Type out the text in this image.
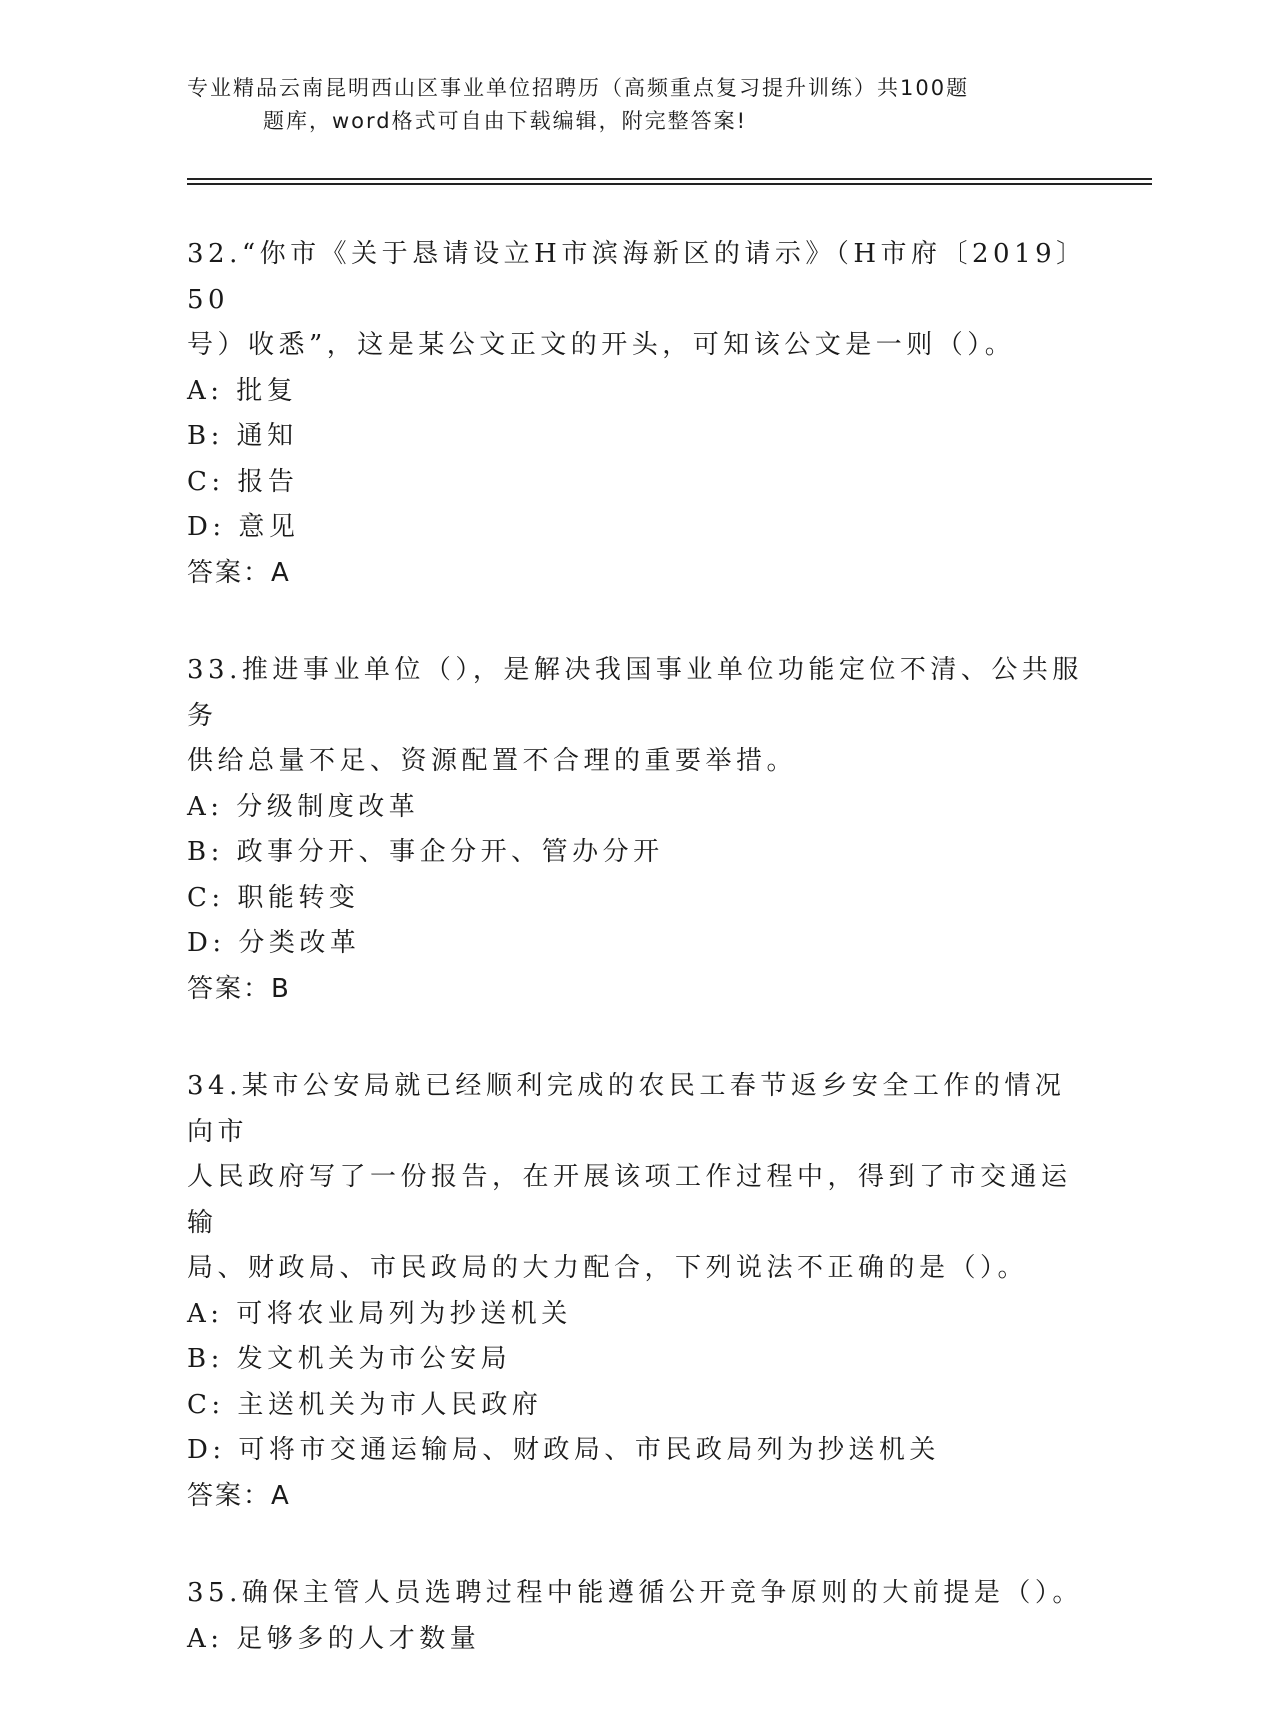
专业精品云南昆明西山区事业单位招聘历（高频重点复习提升训练）共100题
题库，word格式可自由下载编辑，附完整答案!
32.“你市《关于恳请设立H市滨海新区的请示》（H市府〔2019〕50
号）收悉”，这是某公文正文的开头，可知该公文是一则（）。
A: 批复
B: 通知
C: 报告
D: 意见
答案：A
33.推进事业单位（），是解决我国事业单位功能定位不清、公共服务
供给总量不足、资源配置不合理的重要举措。
A: 分级制度改革
B: 政事分开、事企分开、管办分开
C: 职能转变
D: 分类改革
答案：B
34.某市公安局就已经顺利完成的农民工春节返乡安全工作的情况向市
人民政府写了一份报告，在开展该项工作过程中，得到了市交通运输
局、财政局、市民政局的大力配合，下列说法不正确的是（）。
A: 可将农业局列为抄送机关
B: 发文机关为市公安局
C: 主送机关为市人民政府
D: 可将市交通运输局、财政局、市民政局列为抄送机关
答案：A
35.确保主管人员选聘过程中能遵循公开竞争原则的大前提是（）。
A: 足够多的人才数量
